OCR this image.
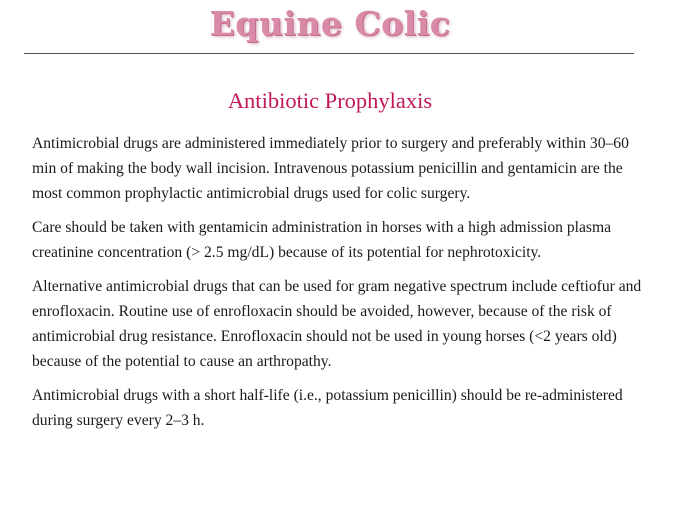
Equine Colic
Antibiotic Prophylaxis

Antimicrobial drugs are administered immediately prior to surgery and preferably within 30–60 min of making the body wall incision. Intravenous potassium penicillin and gentamicin are the most common prophylactic antimicrobial drugs used for colic surgery.

Care should be taken with gentamicin administration in horses with a high admission plasma creatinine concentration (> 2.5 mg/dL) because of its potential for nephrotoxicity.

Alternative antimicrobial drugs that can be used for gram negative spectrum include ceftiofur and enrofloxacin. Routine use of enrofloxacin should be avoided, however, because of the risk of antimicrobial drug resistance. Enrofloxacin should not be used in young horses (<2 years old) because of the potential to cause an arthropathy.

Antimicrobial drugs with a short half-life (i.e., potassium penicillin) should be re-administered during surgery every 2–3 h.
